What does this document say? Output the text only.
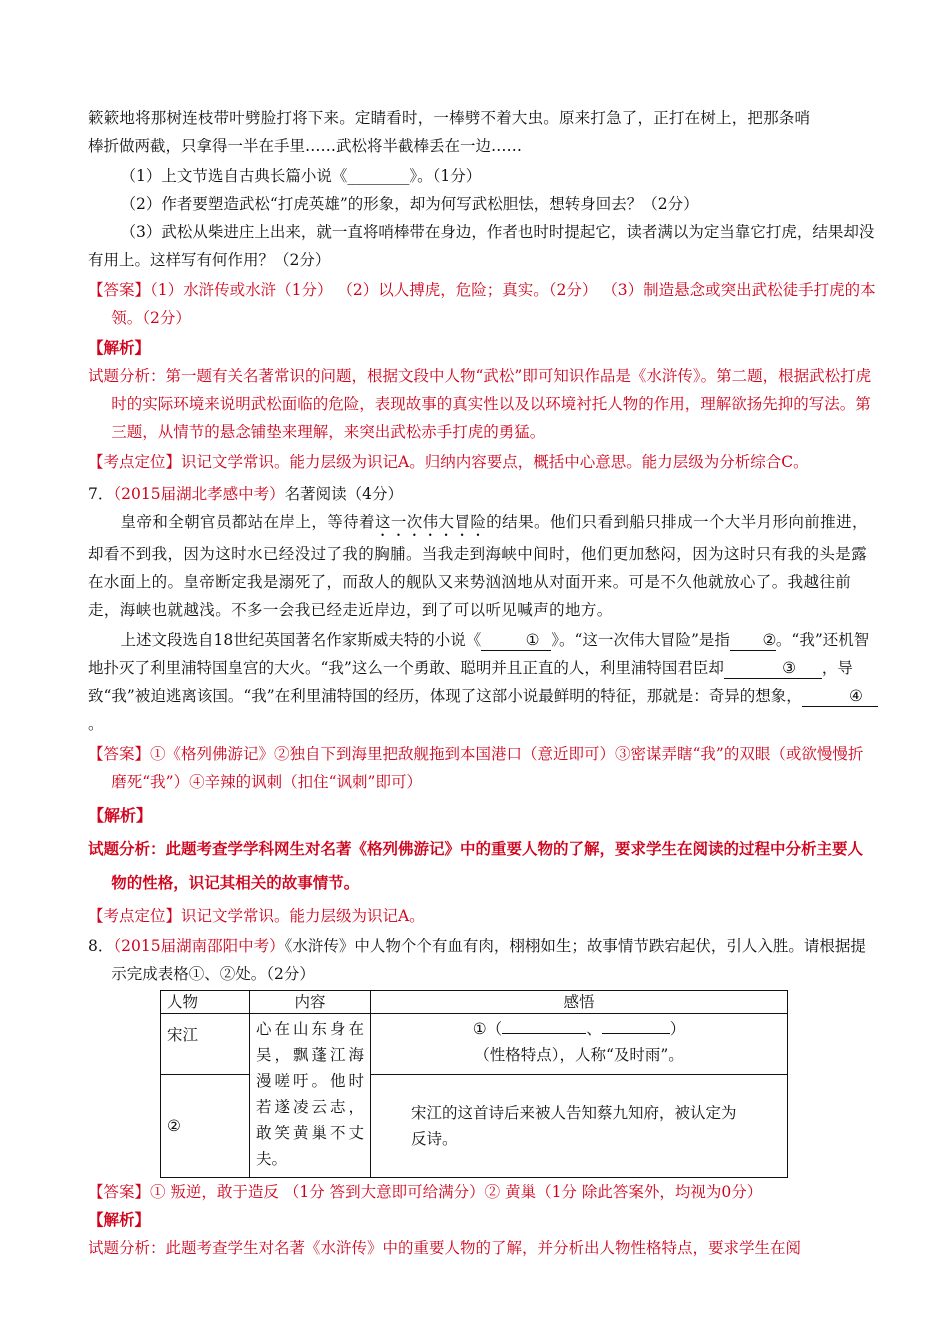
簌簌地将那树连枝带叶劈脸打将下来。定睛看时，一棒劈不着大虫。原来打急了，正打在树上，把那条哨

棒折做两截，只拿得一半在手里……武松将半截棒丢在一边……

（1）上文节选自古典长篇小说《________》。（1分）

（2）作者要塑造武松“打虎英雄”的形象，却为何写武松胆怯，想转身回去？（2分）

（3）武松从柴进庄上出来，就一直将哨棒带在身边，作者也时时提起它，读者满以为定当靠它打虎，结果却没有用上。这样写有何作用？（2分）

【答案】（1）水浒传或水浒（1分） （2）以人搏虎，危险；真实。（2分） （3）制造悬念或突出武松徒手打虎的本领。（2分）

【解析】

试题分析：第一题有关名著常识的问题，根据文段中人物“武松”即可知识作品是《水浒传》。第二题，根据武松打虎时的实际环境来说明武松面临的危险，表现故事的真实性以及以环境衬托人物的作用，理解欲扬先抑的写法。第三题，从情节的悬念铺垫来理解，来突出武松赤手打虎的勇猛。

【考点定位】识记文学常识。能力层级为识记A。归纳内容要点，概括中心意思。能力层级为分析综合C。

7．（2015届湖北孝感中考）名著阅读（4分）

皇帝和全朝官员都站在岸上，等待着这一次伟大冒险的结果。他们只看到船只排成一个大半月形向前推进，却看不到我，因为这时水已经没过了我的胸脯。当我走到海峡中间时，他们更加愁闷，因为这时只有我的头是露在水面上的。皇帝断定我是溺死了，而敌人的舰队又来势汹汹地从对面开来。可是不久他就放心了。我越往前走，海峡也就越浅。不多一会我已经走近岸边，到了可以听见喊声的地方。

上述文段选自18世纪英国著名作家斯威夫特的小说《	① 》。“这一次伟大冒险”是指 ②。“我”还机智地扑灭了利里浦特国皇宫的大火。“我”这么一个勇敢、聪明并且正直的人，利里浦特国君臣却	③ ，导致“我”被迫逃离该国。“我”在利里浦特国的经历，体现了这部小说最鲜明的特征，那就是：奇异的想象，	④。

【答案】①《格列佛游记》②独自下到海里把敌舰拖到本国港口（意近即可）③密谋弄瞎“我”的双眼（或欲慢慢折磨死“我”）④辛辣的讽刺（扣住“讽刺”即可）

【解析】

试题分析：此题考查学学科网生对名著《格列佛游记》中的重要人物的了解，要求学生在阅读的过程中分析主要人物的性格，识记其相关的故事情节。

【考点定位】识记文学常识。能力层级为识记A。

8．（2015届湖南邵阳中考）《水浒传》中人物个个有血有肉，栩栩如生；故事情节跌宕起伏，引人入胜。请根据提示完成表格①、②处。（2分）

人物	内容	感悟
宋江	心在山东身在吴，飘蓬江海漫嗟吁。他时若遂凌云志，敢笑黄巢不丈夫。	①（ 、 ）
（性格特点），人称“及时雨”。
②		宋江的这首诗后来被人告知蔡九知府，被认定为反诗。

【答案】① 叛逆，敢于造反 （1分 答到大意即可给满分）② 黄巢（1分 除此答案外，均视为0分）

【解析】

试题分析：此题考查学生对名著《水浒传》中的重要人物的了解，并分析出人物性格特点，要求学生在阅
